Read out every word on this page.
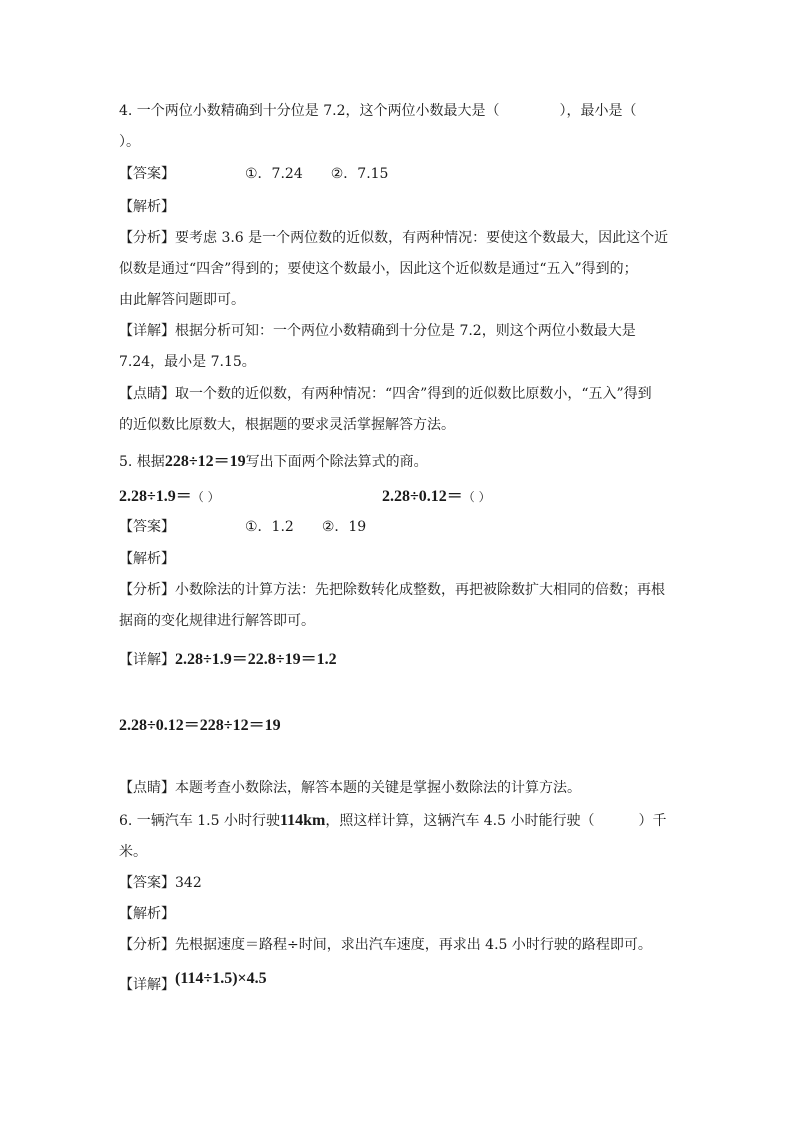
4. 一个两位小数精确到十分位是 7.2，这个两位小数最大是（	），最小是（
）。
【答案】	①．7.24 ②．7.15
【解析】
【分析】要考虑 3.6 是一个两位数的近似数，有两种情况：要使这个数最大，因此这个近
似数是通过“四舍”得到的；要使这个数最小，因此这个近似数是通过“五入”得到的；
由此解答问题即可。
【详解】根据分析可知：一个两位小数精确到十分位是 7.2，则这个两位小数最大是
7.24，最小是 7.15。
【点睛】取一个数的近似数，有两种情况：“四舍”得到的近似数比原数小，“五入”得到
的近似数比原数大，根据题的要求灵活掌握解答方法。
5. 根据228÷12＝19写出下面两个除法算式的商。
2.28÷1.9＝（ ）	2.28÷0.12＝（ ）
【答案】	①．1.2 ②．19
【解析】
【分析】小数除法的计算方法：先把除数转化成整数，再把被除数扩大相同的倍数；再根
据商的变化规律进行解答即可。
【详解】2.28÷1.9＝22.8÷19＝1.2
2.28÷0.12＝228÷12＝19
【点睛】本题考查小数除法，解答本题的关键是掌握小数除法的计算方法。
6. 一辆汽车 1.5 小时行驶114km，照这样计算，这辆汽车 4.5 小时能行驶（	）千
米。
【答案】342
【解析】
【分析】先根据速度＝路程÷时间，求出汽车速度，再求出 4.5 小时行驶的路程即可。
【详解】(114÷1.5)×4.5
